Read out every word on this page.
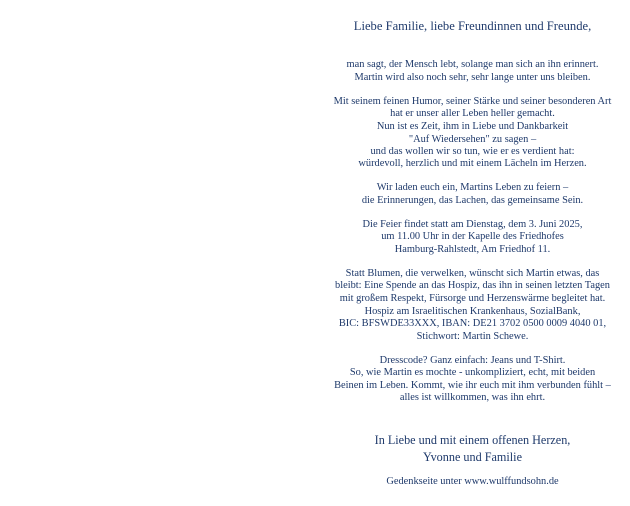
Liebe Familie, liebe Freundinnen und Freunde,
man sagt, der Mensch lebt, solange man sich an ihn erinnert.
Martin wird also noch sehr, sehr lange unter uns bleiben.
Mit seinem feinen Humor, seiner Stärke und seiner besonderen Art
hat er unser aller Leben heller gemacht.
Nun ist es Zeit, ihm in Liebe und Dankbarkeit
"Auf Wiedersehen" zu sagen –
und das wollen wir so tun, wie er es verdient hat:
würdevoll, herzlich und mit einem Lächeln im Herzen.
Wir laden euch ein, Martins Leben zu feiern –
die Erinnerungen, das Lachen, das gemeinsame Sein.
Die Feier findet statt am Dienstag, dem 3. Juni 2025,
um 11.00 Uhr in der Kapelle des Friedhofes
Hamburg-Rahlstedt, Am Friedhof 11.
Statt Blumen, die verwelken, wünscht sich Martin etwas, das
bleibt: Eine Spende an das Hospiz, das ihn in seinen letzten Tagen
mit großem Respekt, Fürsorge und Herzenswärme begleitet hat.
Hospiz am Israelitischen Krankenhaus, SozialBank,
BIC: BFSWDE33XXX, IBAN: DE21 3702 0500 0009 4040 01,
Stichwort: Martin Schewe.
Dresscode? Ganz einfach: Jeans und T-Shirt.
So, wie Martin es mochte - unkompliziert, echt, mit beiden
Beinen im Leben. Kommt, wie ihr euch mit ihm verbunden fühlt –
alles ist willkommen, was ihn ehrt.
In Liebe und mit einem offenen Herzen,
Yvonne und Familie
Gedenkseite unter www.wulffundsohn.de
